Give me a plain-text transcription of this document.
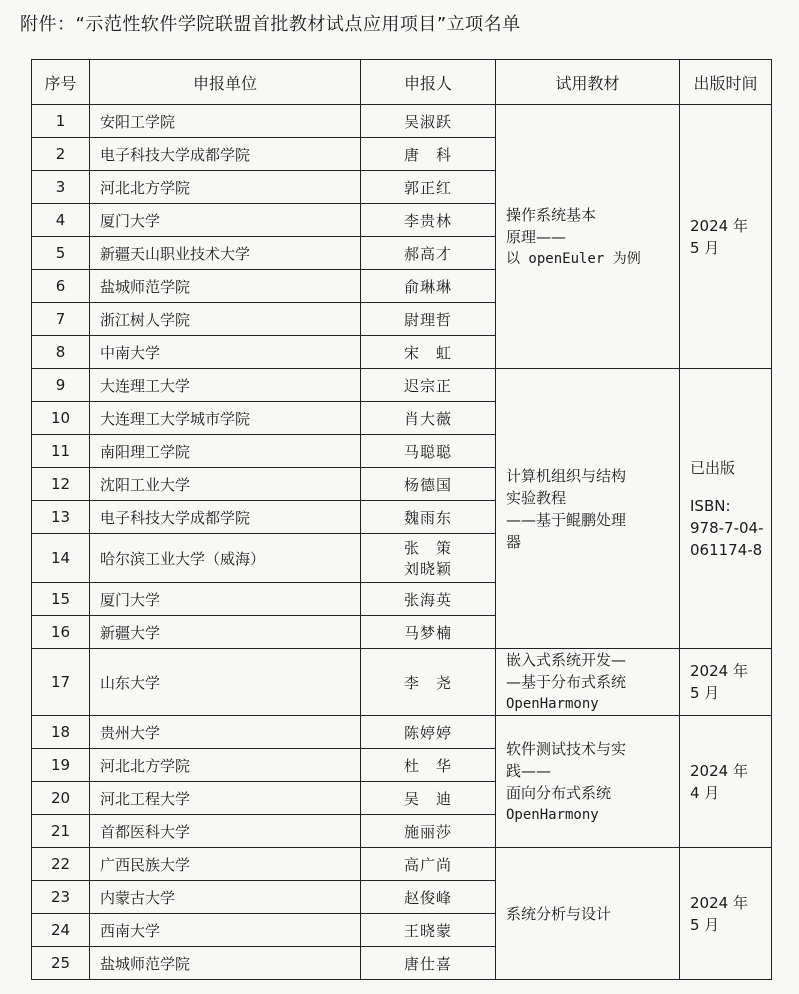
附件：“示范性软件学院联盟首批教材试点应用项目”立项名单
序号	申报单位	申报人	试用教材	出版时间
1	安阳工学院	吴淑跃	操作系统基本
原理——
以 openEuler 为例	2024 年
5 月

2	电子科技大学成都学院	唐　科		

3	河北北方学院	郭正红		

4	厦门大学	李贵林		

5	新疆天山职业技术大学	郝高才		

6	盐城师范学院	俞琳琳		

7	浙江树人学院	尉理哲		

8	中南大学	宋　虹		

9	大连理工大学	迟宗正	计算机组织与结构
实验教程
——基于鲲鹏处理
器	已出版
ISBN:
978-7-04-
061174-8

10	大连理工大学城市学院	肖大薇		

11	南阳理工学院	马聪聪		

12	沈阳工业大学	杨德国		

13	电子科技大学成都学院	魏雨东		

14	哈尔滨工业大学（威海）	张　策
刘晓颖		

15	厦门大学	张海英		

16	新疆大学	马梦楠		

17	山东大学	李　尧	嵌入式系统开发—
—基于分布式系统
OpenHarmony	2024 年
5 月

18	贵州大学	陈婷婷	软件测试技术与实
践——
面向分布式系统
OpenHarmony	2024 年
4 月

19	河北北方学院	杜　华		

20	河北工程大学	吴　迪		

21	首都医科大学	施丽莎		

22	广西民族大学	高广尚	系统分析与设计	2024 年
5 月

23	内蒙古大学	赵俊峰		

24	西南大学	王晓蒙		

25	盐城师范学院	唐仕喜		
